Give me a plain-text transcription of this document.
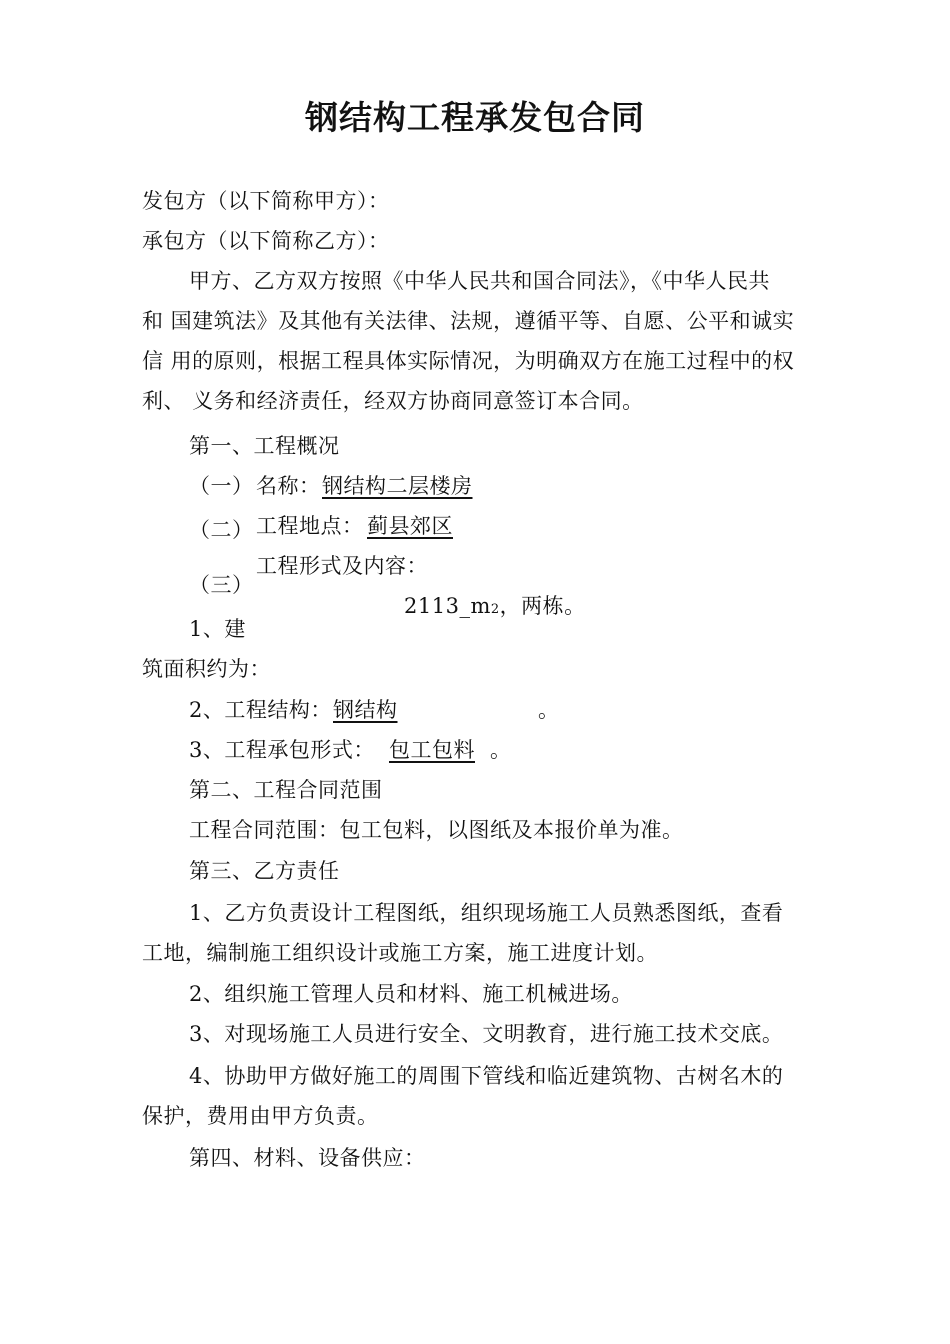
钢结构工程承发包合同
发包方（以下简称甲方）：
承包方（以下简称乙方）：
甲方、乙方双方按照《中华人民共和国合同法》，《中华人民共
和 国建筑法》及其他有关法律、法规，遵循平等、自愿、公平和诚实
信 用的原则，根据工程具体实际情况，为明确双方在施工过程中的权
利、 义务和经济责任，经双方协商同意签订本合同。
第一、工程概况
（一） 名称： 钢结构二层楼房
（二） 工程地点： 蓟县郊区
工程形式及内容：
（三）
2113_m2，两栋。
1、建
筑面积约为：
2、工程结构： 钢结构	。
3、工程承包形式： 包工包料 。
第二、工程合同范围
工程合同范围：包工包料，以图纸及本报价单为准。
第三、乙方责任
1、乙方负责设计工程图纸，组织现场施工人员熟悉图纸，查看
工地，编制施工组织设计或施工方案，施工进度计划。
2、组织施工管理人员和材料、施工机械进场。
3、对现场施工人员进行安全、文明教育，进行施工技术交底。
4、协助甲方做好施工的周围下管线和临近建筑物、古树名木的
保护，费用由甲方负责。
第四、材料、设备供应：
